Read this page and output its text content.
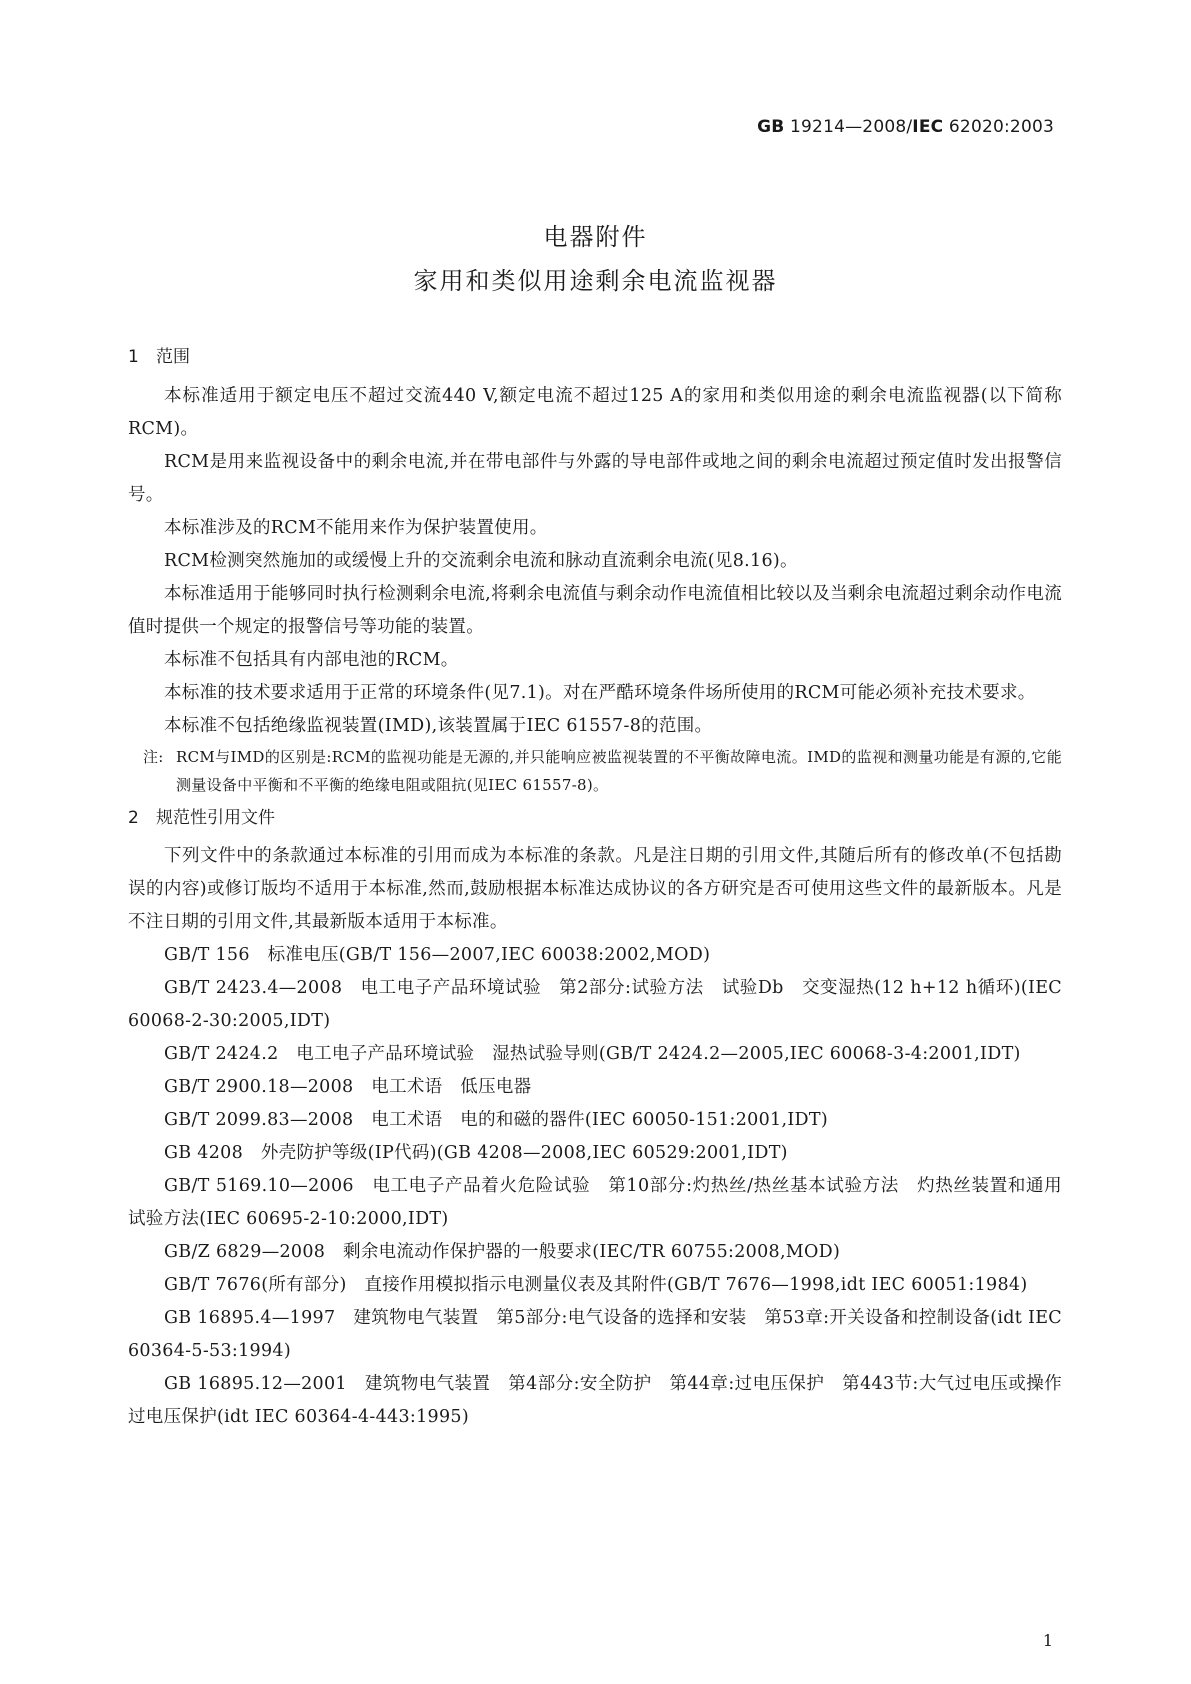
GB 19214—2008/IEC 62020:2003
电器附件
家用和类似用途剩余电流监视器
1 范围

本标准适用于额定电压不超过交流440 V,额定电流不超过125 A的家用和类似用途的剩余电流监视器(以下简称RCM)。

RCM是用来监视设备中的剩余电流,并在带电部件与外露的导电部件或地之间的剩余电流超过预定值时发出报警信号。

本标准涉及的RCM不能用来作为保护装置使用。

RCM检测突然施加的或缓慢上升的交流剩余电流和脉动直流剩余电流(见8.16)。

本标准适用于能够同时执行检测剩余电流,将剩余电流值与剩余动作电流值相比较以及当剩余电流超过剩余动作电流值时提供一个规定的报警信号等功能的装置。

本标准不包括具有内部电池的RCM。

本标准的技术要求适用于正常的环境条件(见7.1)。对在严酷环境条件场所使用的RCM可能必须补充技术要求。

本标准不包括绝缘监视装置(IMD),该装置属于IEC 61557-8的范围。

注: RCM与IMD的区别是:RCM的监视功能是无源的,并只能响应被监视装置的不平衡故障电流。IMD的监视和测量功能是有源的,它能测量设备中平衡和不平衡的绝缘电阻或阻抗(见IEC 61557-8)。

2 规范性引用文件

下列文件中的条款通过本标准的引用而成为本标准的条款。凡是注日期的引用文件,其随后所有的修改单(不包括勘误的内容)或修订版均不适用于本标准,然而,鼓励根据本标准达成协议的各方研究是否可使用这些文件的最新版本。凡是不注日期的引用文件,其最新版本适用于本标准。

GB/T 156　标准电压(GB/T 156—2007,IEC 60038:2002,MOD)

GB/T 2423.4—2008　电工电子产品环境试验　第2部分:试验方法　试验Db　交变湿热(12 h+12 h循环)(IEC 60068-2-30:2005,IDT)

GB/T 2424.2　电工电子产品环境试验　湿热试验导则(GB/T 2424.2—2005,IEC 60068-3-4:2001,IDT)

GB/T 2900.18—2008　电工术语　低压电器

GB/T 2099.83—2008　电工术语　电的和磁的器件(IEC 60050-151:2001,IDT)

GB 4208　外壳防护等级(IP代码)(GB 4208—2008,IEC 60529:2001,IDT)

GB/T 5169.10—2006　电工电子产品着火危险试验　第10部分:灼热丝/热丝基本试验方法　灼热丝装置和通用试验方法(IEC 60695-2-10:2000,IDT)

GB/Z 6829—2008　剩余电流动作保护器的一般要求(IEC/TR 60755:2008,MOD)

GB/T 7676(所有部分)　直接作用模拟指示电测量仪表及其附件(GB/T 7676—1998,idt IEC 60051:1984)

GB 16895.4—1997　建筑物电气装置　第5部分:电气设备的选择和安装　第53章:开关设备和控制设备(idt IEC 60364-5-53:1994)

GB 16895.12—2001　建筑物电气装置　第4部分:安全防护　第44章:过电压保护　第443节:大气过电压或操作过电压保护(idt IEC 60364-4-443:1995)

1
